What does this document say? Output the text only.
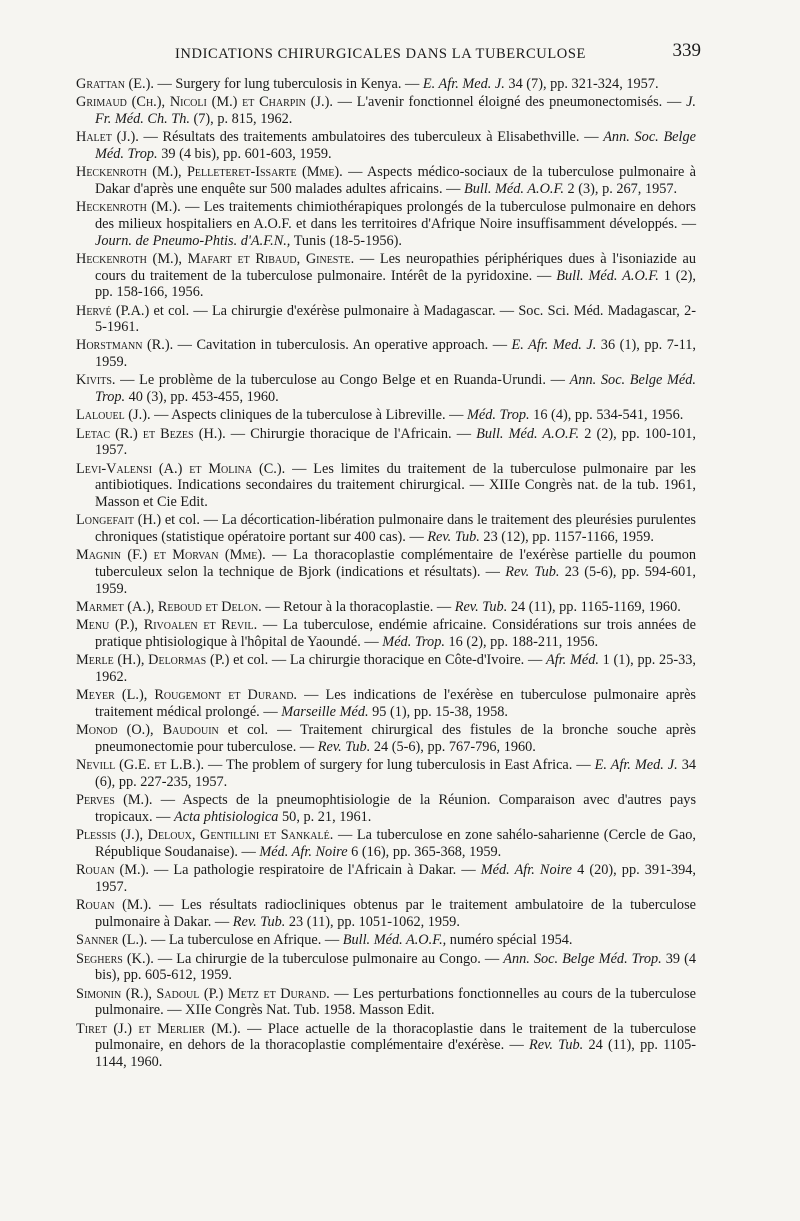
INDICATIONS CHIRURGICALES DANS LA TUBERCULOSE	339

Grattan (E.). — Surgery for lung tuberculosis in Kenya. — E. Afr. Med. J. 34 (7), pp. 321-324, 1957.

Grimaud (Ch.), Nicoli (M.) et Charpin (J.). — L'avenir fonctionnel éloigné des pneumonectomisés. — J. Fr. Méd. Ch. Th. (7), p. 815, 1962.

Halet (J.). — Résultats des traitements ambulatoires des tuberculeux à Elisabethville. — Ann. Soc. Belge Méd. Trop. 39 (4 bis), pp. 601-603, 1959.

Heckenroth (M.), Pelleteret-Issarte (Mme). — Aspects médico-sociaux de la tuberculose pulmonaire à Dakar d'après une enquête sur 500 malades adultes africains. — Bull. Méd. A.O.F. 2 (3), p. 267, 1957.

Heckenroth (M.). — Les traitements chimiothérapiques prolongés de la tuberculose pulmonaire en dehors des milieux hospitaliers en A.O.F. et dans les territoires d'Afrique Noire insuffisamment développés. — Journ. de Pneumo-Phtis. d'A.F.N., Tunis (18-5-1956).

Heckenroth (M.), Mafart et Ribaud, Gineste. — Les neuropathies périphériques dues à l'isoniazide au cours du traitement de la tuberculose pulmonaire. Intérêt de la pyridoxine. — Bull. Méd. A.O.F. 1 (2), pp. 158-166, 1956.

Hervé (P.A.) et col. — La chirurgie d'exérèse pulmonaire à Madagascar. — Soc. Sci. Méd. Madagascar, 2-5-1961.

Horstmann (R.). — Cavitation in tuberculosis. An operative approach. — E. Afr. Med. J. 36 (1), pp. 7-11, 1959.

Kivits. — Le problème de la tuberculose au Congo Belge et en Ruanda-Urundi. — Ann. Soc. Belge Méd. Trop. 40 (3), pp. 453-455, 1960.

Lalouel (J.). — Aspects cliniques de la tuberculose à Libreville. — Méd. Trop. 16 (4), pp. 534-541, 1956.

Letac (R.) et Bezes (H.). — Chirurgie thoracique de l'Africain. — Bull. Méd. A.O.F. 2 (2), pp. 100-101, 1957.

Levi-Valensi (A.) et Molina (C.). — Les limites du traitement de la tuberculose pulmonaire par les antibiotiques. Indications secondaires du traitement chirurgical. — XIIIe Congrès nat. de la tub. 1961, Masson et Cie Edit.

Longefait (H.) et col. — La décortication-libération pulmonaire dans le traitement des pleurésies purulentes chroniques (statistique opératoire portant sur 400 cas). — Rev. Tub. 23 (12), pp. 1157-1166, 1959.

Magnin (F.) et Morvan (Mme). — La thoracoplastie complémentaire de l'exérèse partielle du poumon tuberculeux selon la technique de Bjork (indications et résultats). — Rev. Tub. 23 (5-6), pp. 594-601, 1959.

Marmet (A.), Reboud et Delon. — Retour à la thoracoplastie. — Rev. Tub. 24 (11), pp. 1165-1169, 1960.

Menu (P.), Rivoalen et Revil. — La tuberculose, endémie africaine. Considérations sur trois années de pratique phtisiologique à l'hôpital de Yaoundé. — Méd. Trop. 16 (2), pp. 188-211, 1956.

Merle (H.), Delormas (P.) et col. — La chirurgie thoracique en Côte-d'Ivoire. — Afr. Méd. 1 (1), pp. 25-33, 1962.

Meyer (L.), Rougemont et Durand. — Les indications de l'exérèse en tuberculose pulmonaire après traitement médical prolongé. — Marseille Méd. 95 (1), pp. 15-38, 1958.

Monod (O.), Baudouin et col. — Traitement chirurgical des fistules de la bronche souche après pneumonectomie pour tuberculose. — Rev. Tub. 24 (5-6), pp. 767-796, 1960.

Nevill (G.E. et L.B.). — The problem of surgery for lung tuberculosis in East Africa. — E. Afr. Med. J. 34 (6), pp. 227-235, 1957.

Perves (M.). — Aspects de la pneumophtisiologie de la Réunion. Comparaison avec d'autres pays tropicaux. — Acta phtisiologica 50, p. 21, 1961.

Plessis (J.), Deloux, Gentillini et Sankalé. — La tuberculose en zone sahélo-saharienne (Cercle de Gao, République Soudanaise). — Méd. Afr. Noire 6 (16), pp. 365-368, 1959.

Rouan (M.). — La pathologie respiratoire de l'Africain à Dakar. — Méd. Afr. Noire 4 (20), pp. 391-394, 1957.

Rouan (M.). — Les résultats radiocliniques obtenus par le traitement ambulatoire de la tuberculose pulmonaire à Dakar. — Rev. Tub. 23 (11), pp. 1051-1062, 1959.

Sanner (L.). — La tuberculose en Afrique. — Bull. Méd. A.O.F., numéro spécial 1954.

Seghers (K.). — La chirurgie de la tuberculose pulmonaire au Congo. — Ann. Soc. Belge Méd. Trop. 39 (4 bis), pp. 605-612, 1959.

Simonin (R.), Sadoul (P.) Metz et Durand. — Les perturbations fonctionnelles au cours de la tuberculose pulmonaire. — XIIe Congrès Nat. Tub. 1958. Masson Edit.

Tiret (J.) et Merlier (M.). — Place actuelle de la thoracoplastie dans le traitement de la tuberculose pulmonaire, en dehors de la thoracoplastie complémentaire d'exérèse. — Rev. Tub. 24 (11), pp. 1105-1144, 1960.
